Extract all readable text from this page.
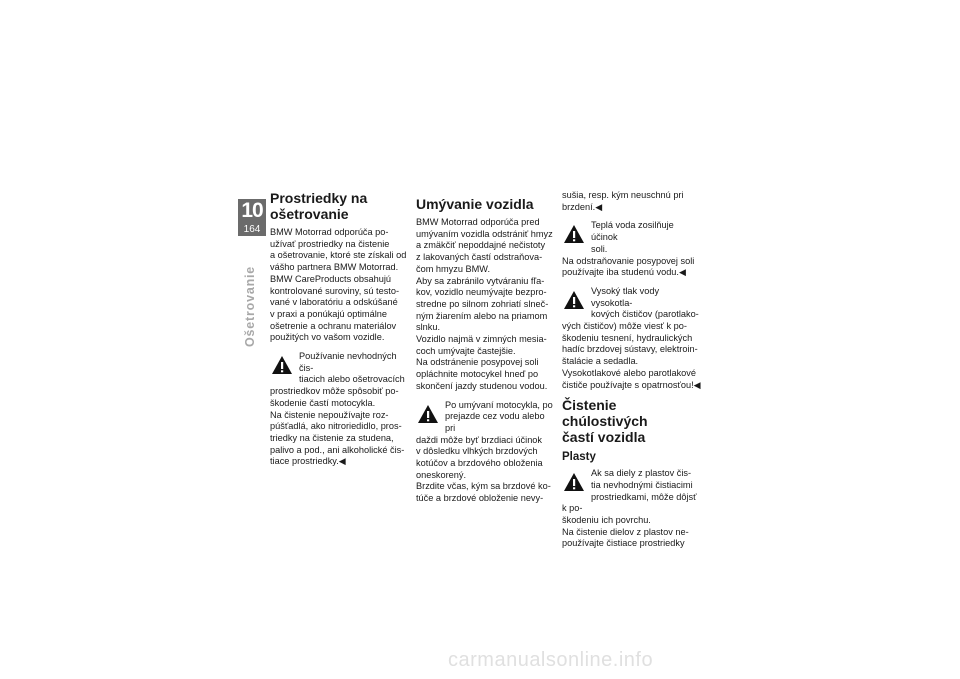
10
164
Ošetrovanie
Prostriedky na
ošetrovanie

BMW Motorrad odporúča po-

užívať prostriedky na čistenie

a ošetrovanie, ktoré ste získali od

vášho partnera BMW Motorrad.

BMW CareProducts obsahujú

kontrolované suroviny, sú testo-

vané v laboratóriu a odskúšané

v praxi a ponúkajú optimálne

ošetrenie a ochranu materiálov

použitých vo vašom vozidle.

Používanie nevhodných čis-

tiacich alebo ošetrovacích

prostriedkov môže spôsobiť po-

škodenie častí motocykla.

Na čistenie nepoužívajte roz-

púšťadlá, ako nitroriedidlo, pros-

triedky na čistenie za studena,

palivo a pod., ani alkoholické čis-

tiace prostriedky.◀

Umývanie vozidla

BMW Motorrad odporúča pred

umývaním vozidla odstrániť hmyz

a zmäkčiť nepoddajné nečistoty

z lakovaných častí odstraňova-

čom hmyzu BMW.

Aby sa zabránilo vytváraniu fľa-

kov, vozidlo neumývajte bezpro-

stredne po silnom zohriatí slneč-

ným žiarením alebo na priamom

slnku.

Vozidlo najmä v zimných mesia-

coch umývajte častejšie.

Na odstránenie posypovej soli

opláchnite motocykel hneď po

skončení jazdy studenou vodou.

Po umývaní motocykla, po

prejazde cez vodu alebo pri

daždi môže byť brzdiaci účinok

v dôsledku vlhkých brzdových

kotúčov a brzdového obloženia

oneskorený.

Brzdite včas, kým sa brzdové ko-

túče a brzdové obloženie nevy-

sušia, resp. kým neuschnú pri

brzdení.◀

Teplá voda zosilňuje účinok

soli.

Na odstraňovanie posypovej soli

používajte iba studenú vodu.◀

Vysoký tlak vody vysokotla-

kových čističov (parotlako-

vých čističov) môže viesť k po-

škodeniu tesnení, hydraulických

hadíc brzdovej sústavy, elektroin-

štalácie a sedadla.

Vysokotlakové alebo parotlakové

čističe používajte s opatrnosťou!◀

Čistenie chúlostivých
častí vozidla
Plasty

Ak sa diely z plastov čis-

tia nevhodnými čistiacimi

prostriedkami, môže dôjsť k po-

škodeniu ich povrchu.

Na čistenie dielov z plastov ne-

používajte čistiace prostriedky

carmanualsonline.info
